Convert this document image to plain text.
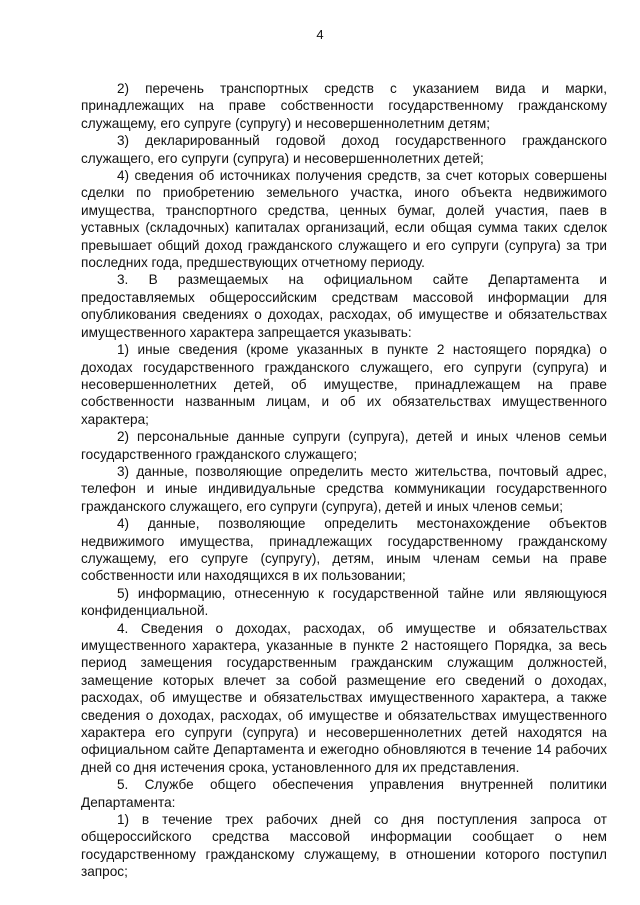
4

2) перечень транспортных средств с указанием вида и марки, принадлежащих на праве собственности государственному гражданскому служащему, его супруге (супругу) и несовершеннолетним детям;

3) декларированный годовой доход государственного гражданского служащего, его супруги (супруга) и несовершеннолетних детей;

4) сведения об источниках получения средств, за счет которых совершены сделки по приобретению земельного участка, иного объекта недвижимого имущества, транспортного средства, ценных бумаг, долей участия, паев в уставных (складочных) капиталах организаций, если общая сумма таких сделок превышает общий доход гражданского служащего и его супруги (супруга) за три последних года, предшествующих отчетному периоду.

3. В размещаемых на официальном сайте Департамента и предоставляемых общероссийским средствам массовой информации для опубликования сведениях о доходах, расходах, об имуществе и обязательствах имущественного характера запрещается указывать:

1) иные сведения (кроме указанных в пункте 2 настоящего порядка) о доходах государственного гражданского служащего, его супруги (супруга) и несовершеннолетних детей, об имуществе, принадлежащем на праве собственности названным лицам, и об их обязательствах имущественного характера;

2) персональные данные супруги (супруга), детей и иных членов семьи государственного гражданского служащего;

3) данные, позволяющие определить место жительства, почтовый адрес, телефон и иные индивидуальные средства коммуникации государственного гражданского служащего, его супруги (супруга), детей и иных членов семьи;

4) данные, позволяющие определить местонахождение объектов недвижимого имущества, принадлежащих государственному гражданскому служащему, его супруге (супругу), детям, иным членам семьи на праве собственности или находящихся в их пользовании;

5) информацию, отнесенную к государственной тайне или являющуюся конфиденциальной.

4. Сведения о доходах, расходах, об имуществе и обязательствах имущественного характера, указанные в пункте 2 настоящего Порядка, за весь период замещения государственным гражданским служащим должностей, замещение которых влечет за собой размещение его сведений о доходах, расходах, об имуществе и обязательствах имущественного характера, а также сведения о доходах, расходах, об имуществе и обязательствах имущественного характера его супруги (супруга) и несовершеннолетних детей находятся на официальном сайте Департамента и ежегодно обновляются в течение 14 рабочих дней со дня истечения срока, установленного для их представления.

5. Службе общего обеспечения управления внутренней политики Департамента:

1) в течение трех рабочих дней со дня поступления запроса от общероссийского средства массовой информации сообщает о нем государственному гражданскому служащему, в отношении которого поступил запрос;
